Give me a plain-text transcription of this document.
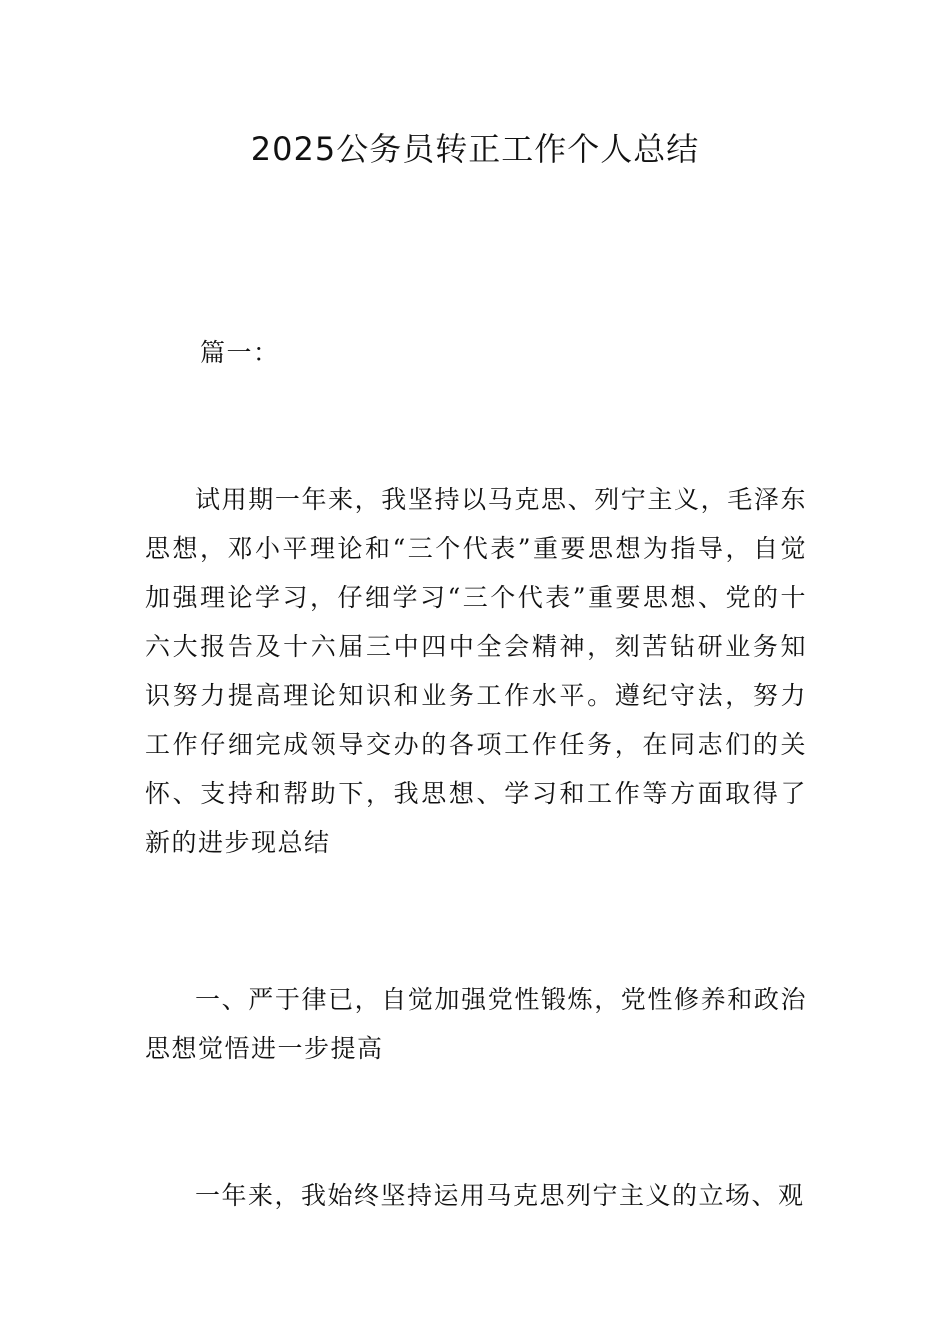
2025公务员转正工作个人总结

篇一：

试用期一年来，我坚持以马克思、列宁主义，毛泽东思想，邓小平理论和“三个代表”重要思想为指导，自觉加强理论学习，仔细学习“三个代表”重要思想、党的十六大报告及十六届三中四中全会精神，刻苦钻研业务知识努力提高理论知识和业务工作水平。遵纪守法，努力工作仔细完成领导交办的各项工作任务，在同志们的关怀、支持和帮助下，我思想、学习和工作等方面取得了新的进步现总结

一、严于律已，自觉加强党性锻炼，党性修养和政治思想觉悟进一步提高

一年来，我始终坚持运用马克思列宁主义的立场、观
